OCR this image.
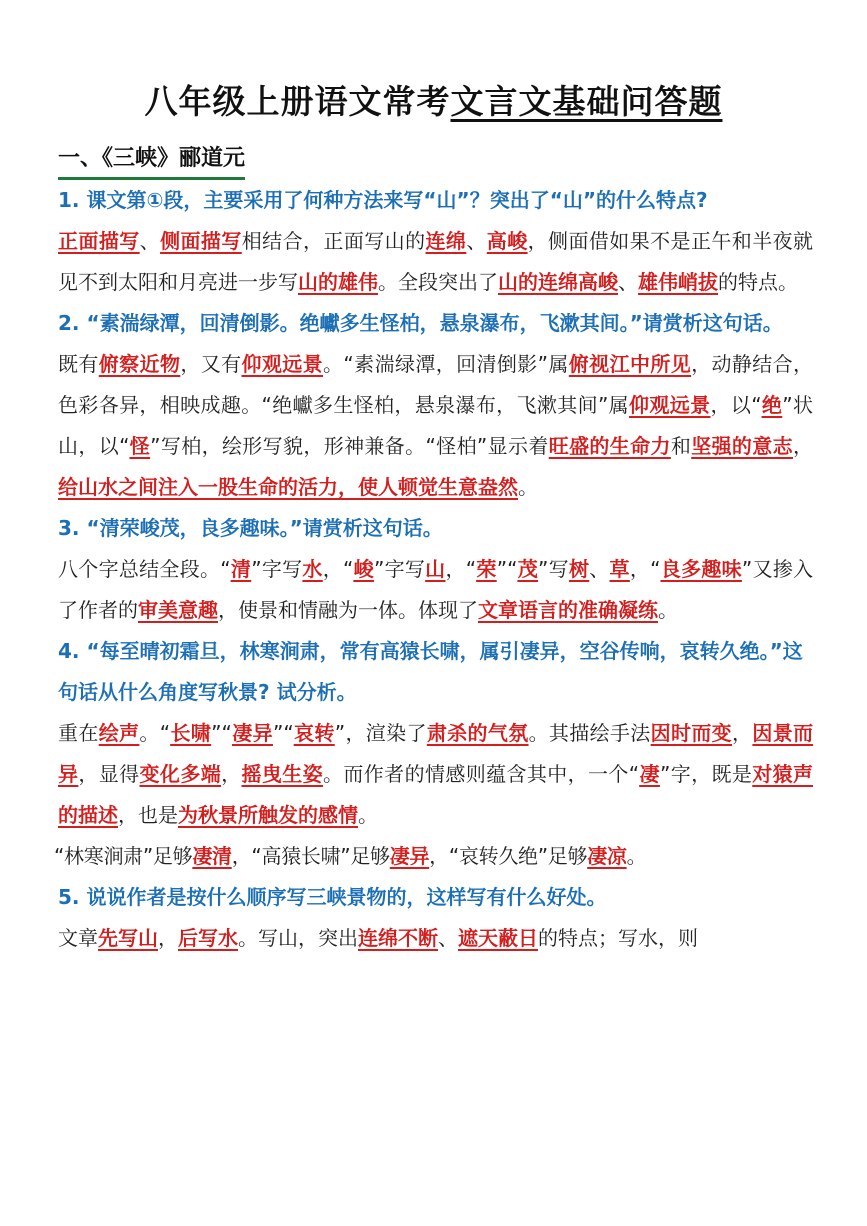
八年级上册语文常考文言文基础问答题
一、《三峡》郦道元

1. 课文第①段，主要采用了何种方法来写“山”？突出了“山”的什么特点?

正面描写、侧面描写相结合，正面写山的连绵、高峻，侧面借如果不是正午和半夜就见不到太阳和月亮进一步写山的雄伟。全段突出了山的连绵高峻、雄伟峭拔的特点。

2. “素湍绿潭，回清倒影。绝巘多生怪柏，悬泉瀑布，飞漱其间。”请赏析这句话。

既有俯察近物，又有仰观远景。“素湍绿潭，回清倒影”属俯视江中所见，动静结合，色彩各异，相映成趣。“绝巘多生怪柏，悬泉瀑布，飞漱其间”属仰观远景，以“绝”状山，以“怪”写柏，绘形写貌，形神兼备。“怪柏”显示着旺盛的生命力和坚强的意志，给山水之间注入一股生命的活力，使人顿觉生意盎然。

3. “清荣峻茂，良多趣味。”请赏析这句话。

八个字总结全段。“清”字写水，“峻”字写山，“荣”“茂”写树、草，“良多趣味”又掺入了作者的审美意趣，使景和情融为一体。体现了文章语言的准确凝练。

4. “每至晴初霜旦，林寒涧肃，常有高猿长啸，属引凄异，空谷传响，哀转久绝。”这句话从什么角度写秋景? 试分析。

重在绘声。“长啸”“凄异”“哀转”，渲染了肃杀的气氛。其描绘手法因时而变，因景而异，显得变化多端，摇曳生姿。而作者的情感则蕴含其中，一个“凄”字，既是对猿声的描述，也是为秋景所触发的感情。

“林寒涧肃”足够凄清，“高猿长啸”足够凄异，“哀转久绝”足够凄凉。

5. 说说作者是按什么顺序写三峡景物的，这样写有什么好处。

文章先写山，后写水。写山，突出连绵不断、遮天蔽日的特点；写水，则
